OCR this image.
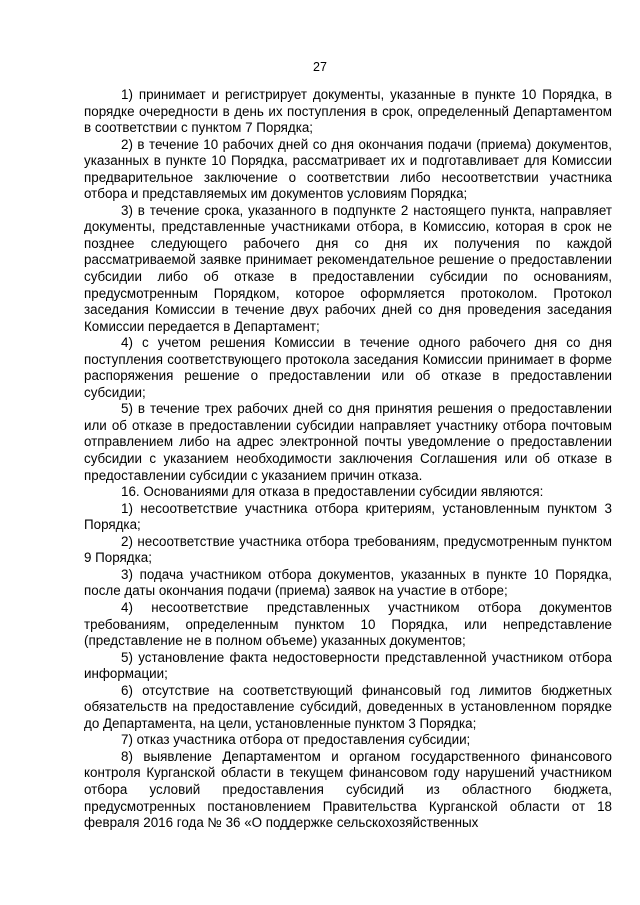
27

1) принимает и регистрирует документы, указанные в пункте 10 Порядка, в порядке очередности в день их поступления в срок, определенный Департаментом в соответствии с пунктом 7 Порядка;

2) в течение 10 рабочих дней со дня окончания подачи (приема) документов, указанных в пункте 10 Порядка, рассматривает их и подготавливает для Комиссии предварительное заключение о соответствии либо несоответствии участника отбора и представляемых им документов условиям Порядка;

3) в течение срока, указанного в подпункте 2 настоящего пункта, направляет документы, представленные участниками отбора, в Комиссию, которая в срок не позднее следующего рабочего дня со дня их получения по каждой рассматриваемой заявке принимает рекомендательное решение о предоставлении субсидии либо об отказе в предоставлении субсидии по основаниям, предусмотренным Порядком, которое оформляется протоколом. Протокол заседания Комиссии в течение двух рабочих дней со дня проведения заседания Комиссии передается в Департамент;

4) с учетом решения Комиссии в течение одного рабочего дня со дня поступления соответствующего протокола заседания Комиссии принимает в форме распоряжения решение о предоставлении или об отказе в предоставлении субсидии;

5) в течение трех рабочих дней со дня принятия решения о предоставлении или об отказе в предоставлении субсидии направляет участнику отбора почтовым отправлением либо на адрес электронной почты уведомление о предоставлении субсидии с указанием необходимости заключения Соглашения или об отказе в предоставлении субсидии с указанием причин отказа.

16. Основаниями для отказа в предоставлении субсидии являются:

1) несоответствие участника отбора критериям, установленным пунктом 3 Порядка;

2) несоответствие участника отбора требованиям, предусмотренным пунктом 9 Порядка;

3) подача участником отбора документов, указанных в пункте 10 Порядка, после даты окончания подачи (приема) заявок на участие в отборе;

4) несоответствие представленных участником отбора документов требованиям, определенным пунктом 10 Порядка, или непредставление (представление не в полном объеме) указанных документов;

5) установление факта недостоверности представленной участником отбора информации;

6) отсутствие на соответствующий финансовый год лимитов бюджетных обязательств на предоставление субсидий, доведенных в установленном порядке до Департамента, на цели, установленные пунктом 3 Порядка;

7) отказ участника отбора от предоставления субсидии;

8) выявление Департаментом и органом государственного финансового контроля Курганской области в текущем финансовом году нарушений участником отбора условий предоставления субсидий из областного бюджета, предусмотренных постановлением Правительства Курганской области от 18 февраля 2016 года № 36 «О поддержке сельскохозяйственных
